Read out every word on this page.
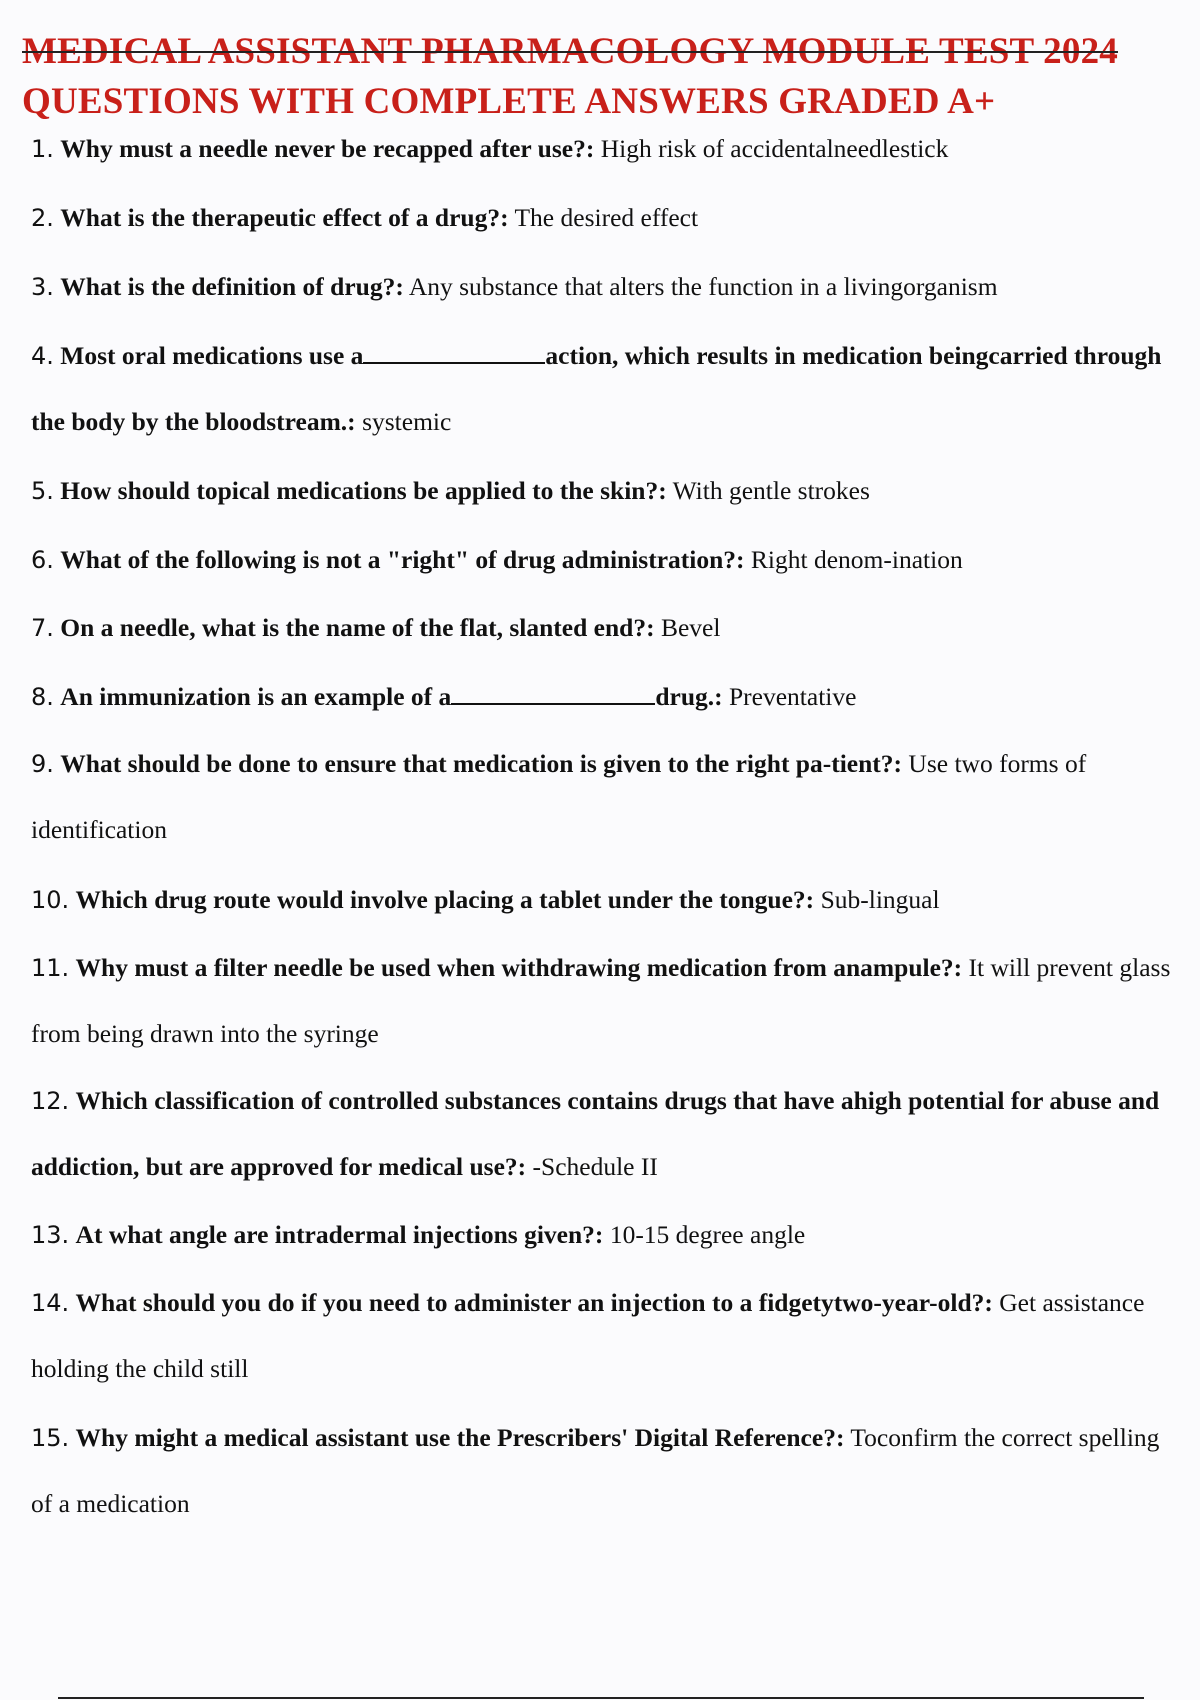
MEDICAL ASSISTANT PHARMACOLOGY MODULE TEST 2024
QUESTIONS WITH COMPLETE ANSWERS GRADED A+

1. Why must a needle never be recapped after use?: High risk of accidentalneedlestick

2. What is the therapeutic effect of a drug?: The desired effect

3. What is the definition of drug?: Any substance that alters the function in a livingorganism

4. Most oral medications use a	action, which results in medication beingcarried through the body by the bloodstream.: systemic

5. How should topical medications be applied to the skin?: With gentle strokes

6. What of the following is not a "right" of drug administration?: Right denom-ination

7. On a needle, what is the name of the flat, slanted end?: Bevel

8. An immunization is an example of a	drug.: Preventative

9. What should be done to ensure that medication is given to the right pa-tient?: Use two forms of identification

10. Which drug route would involve placing a tablet under the tongue?: Sub-lingual

11. Why must a filter needle be used when withdrawing medication from anampule?: It will prevent glass from being drawn into the syringe

12. Which classification of controlled substances contains drugs that have ahigh potential for abuse and addiction, but are approved for medical use?: -Schedule II

13. At what angle are intradermal injections given?: 10-15 degree angle

14. What should you do if you need to administer an injection to a fidgetytwo-year-old?: Get assistance holding the child still

15. Why might a medical assistant use the Prescribers' Digital Reference?: Toconfirm the correct spelling of a medication
